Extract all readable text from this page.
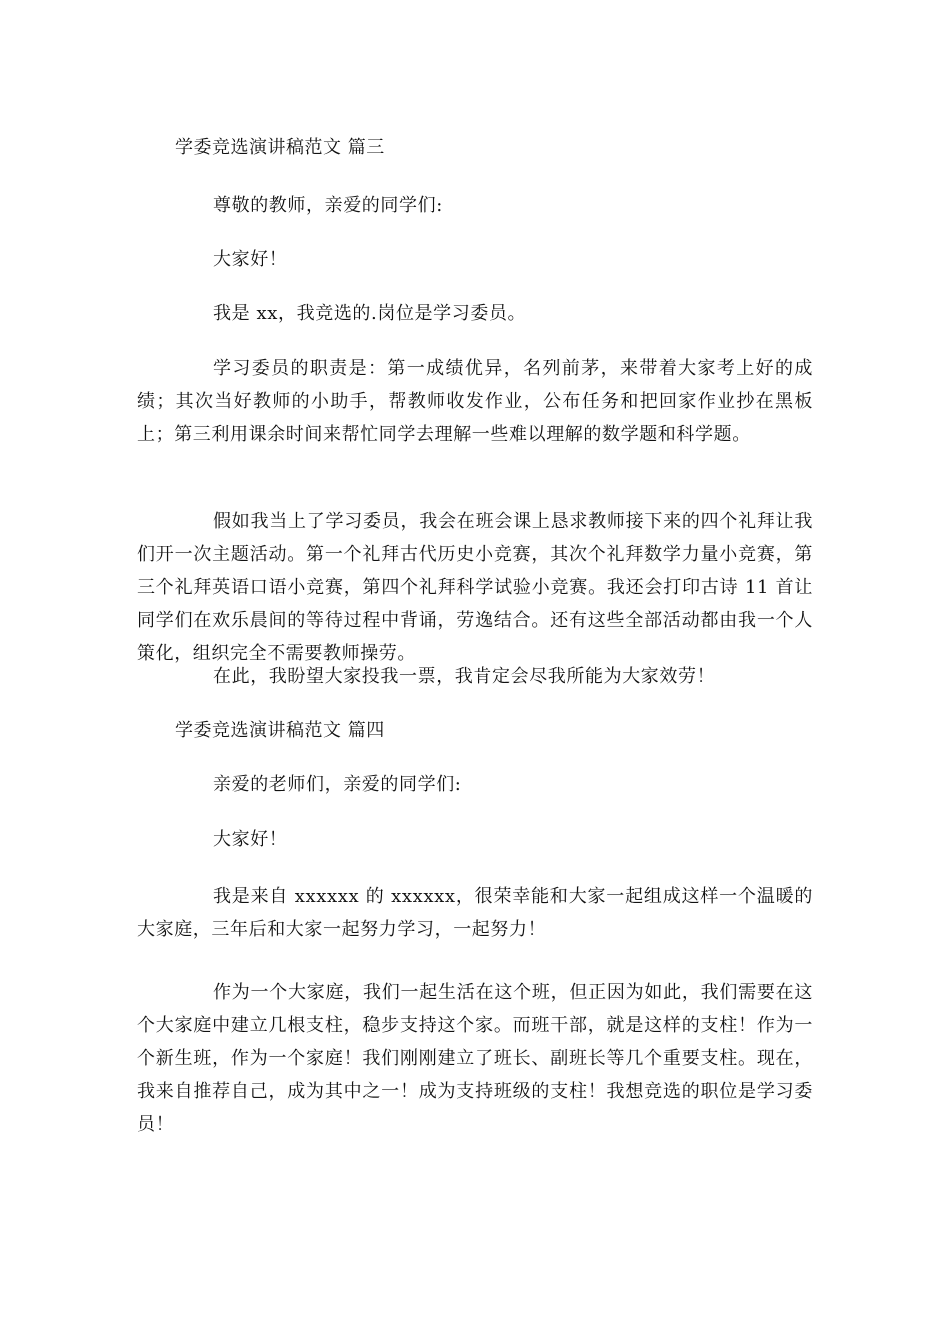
学委竞选演讲稿范文 篇三
尊敬的教师，亲爱的同学们:
大家好！
我是 xx，我竞选的.岗位是学习委员。
学习委员的职责是：第一成绩优异，名列前茅，来带着大家考上好的成绩；其次当好教师的小助手，帮教师收发作业，公布任务和把回家作业抄在黑板上；第三利用课余时间来帮忙同学去理解一些难以理解的数学题和科学题。
假如我当上了学习委员，我会在班会课上恳求教师接下来的四个礼拜让我们开一次主题活动。第一个礼拜古代历史小竞赛，其次个礼拜数学力量小竞赛，第三个礼拜英语口语小竞赛，第四个礼拜科学试验小竞赛。我还会打印古诗 11 首让同学们在欢乐晨间的等待过程中背诵，劳逸结合。还有这些全部活动都由我一个人策化，组织完全不需要教师操劳。
在此，我盼望大家投我一票，我肯定会尽我所能为大家效劳！
学委竞选演讲稿范文 篇四
亲爱的老师们，亲爱的同学们:
大家好！
我是来自 xxxxxx 的 xxxxxx，很荣幸能和大家一起组成这样一个温暖的大家庭，三年后和大家一起努力学习，一起努力！
作为一个大家庭，我们一起生活在这个班，但正因为如此，我们需要在这个大家庭中建立几根支柱，稳步支持这个家。而班干部，就是这样的支柱！作为一个新生班，作为一个家庭！我们刚刚建立了班长、副班长等几个重要支柱。现在，我来自推荐自己，成为其中之一！成为支持班级的支柱！我想竞选的职位是学习委员！
